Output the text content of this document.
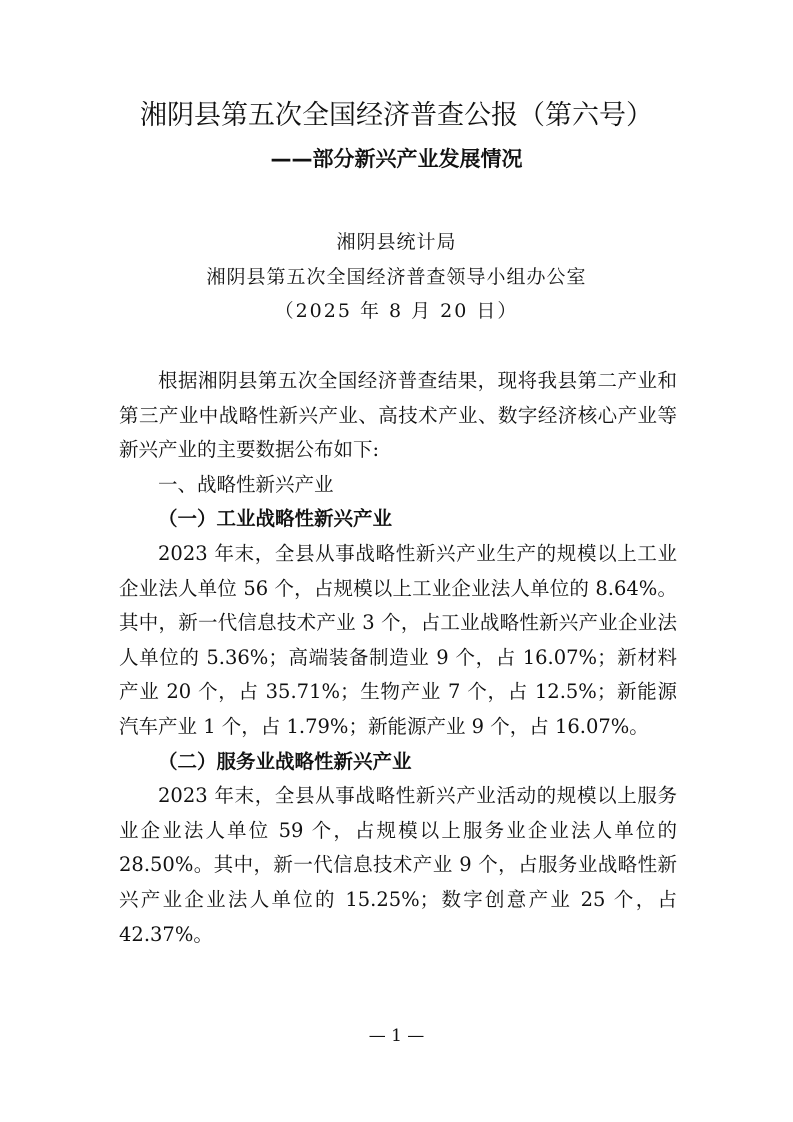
湘阴县第五次全国经济普查公报（第六号）
——部分新兴产业发展情况
湘阴县统计局
湘阴县第五次全国经济普查领导小组办公室
（2025 年 8 月 20 日）

根据湘阴县第五次全国经济普查结果，现将我县第二产业和第三产业中战略性新兴产业、高技术产业、数字经济核心产业等新兴产业的主要数据公布如下:

一、战略性新兴产业

（一）工业战略性新兴产业

2023 年末，全县从事战略性新兴产业生产的规模以上工业企业法人单位 56 个，占规模以上工业企业法人单位的 8.64%。其中，新一代信息技术产业 3 个，占工业战略性新兴产业企业法人单位的 5.36%；高端装备制造业 9 个，占 16.07%；新材料产业 20 个，占 35.71%；生物产业 7 个，占 12.5%；新能源汽车产业 1 个，占 1.79%；新能源产业 9 个，占 16.07%。

（二）服务业战略性新兴产业

2023 年末，全县从事战略性新兴产业活动的规模以上服务业企业法人单位 59 个，占规模以上服务业企业法人单位的 28.50%。其中，新一代信息技术产业 9 个，占服务业战略性新兴产业企业法人单位的 15.25%；数字创意产业 25 个，占 42.37%。

— 1 —
